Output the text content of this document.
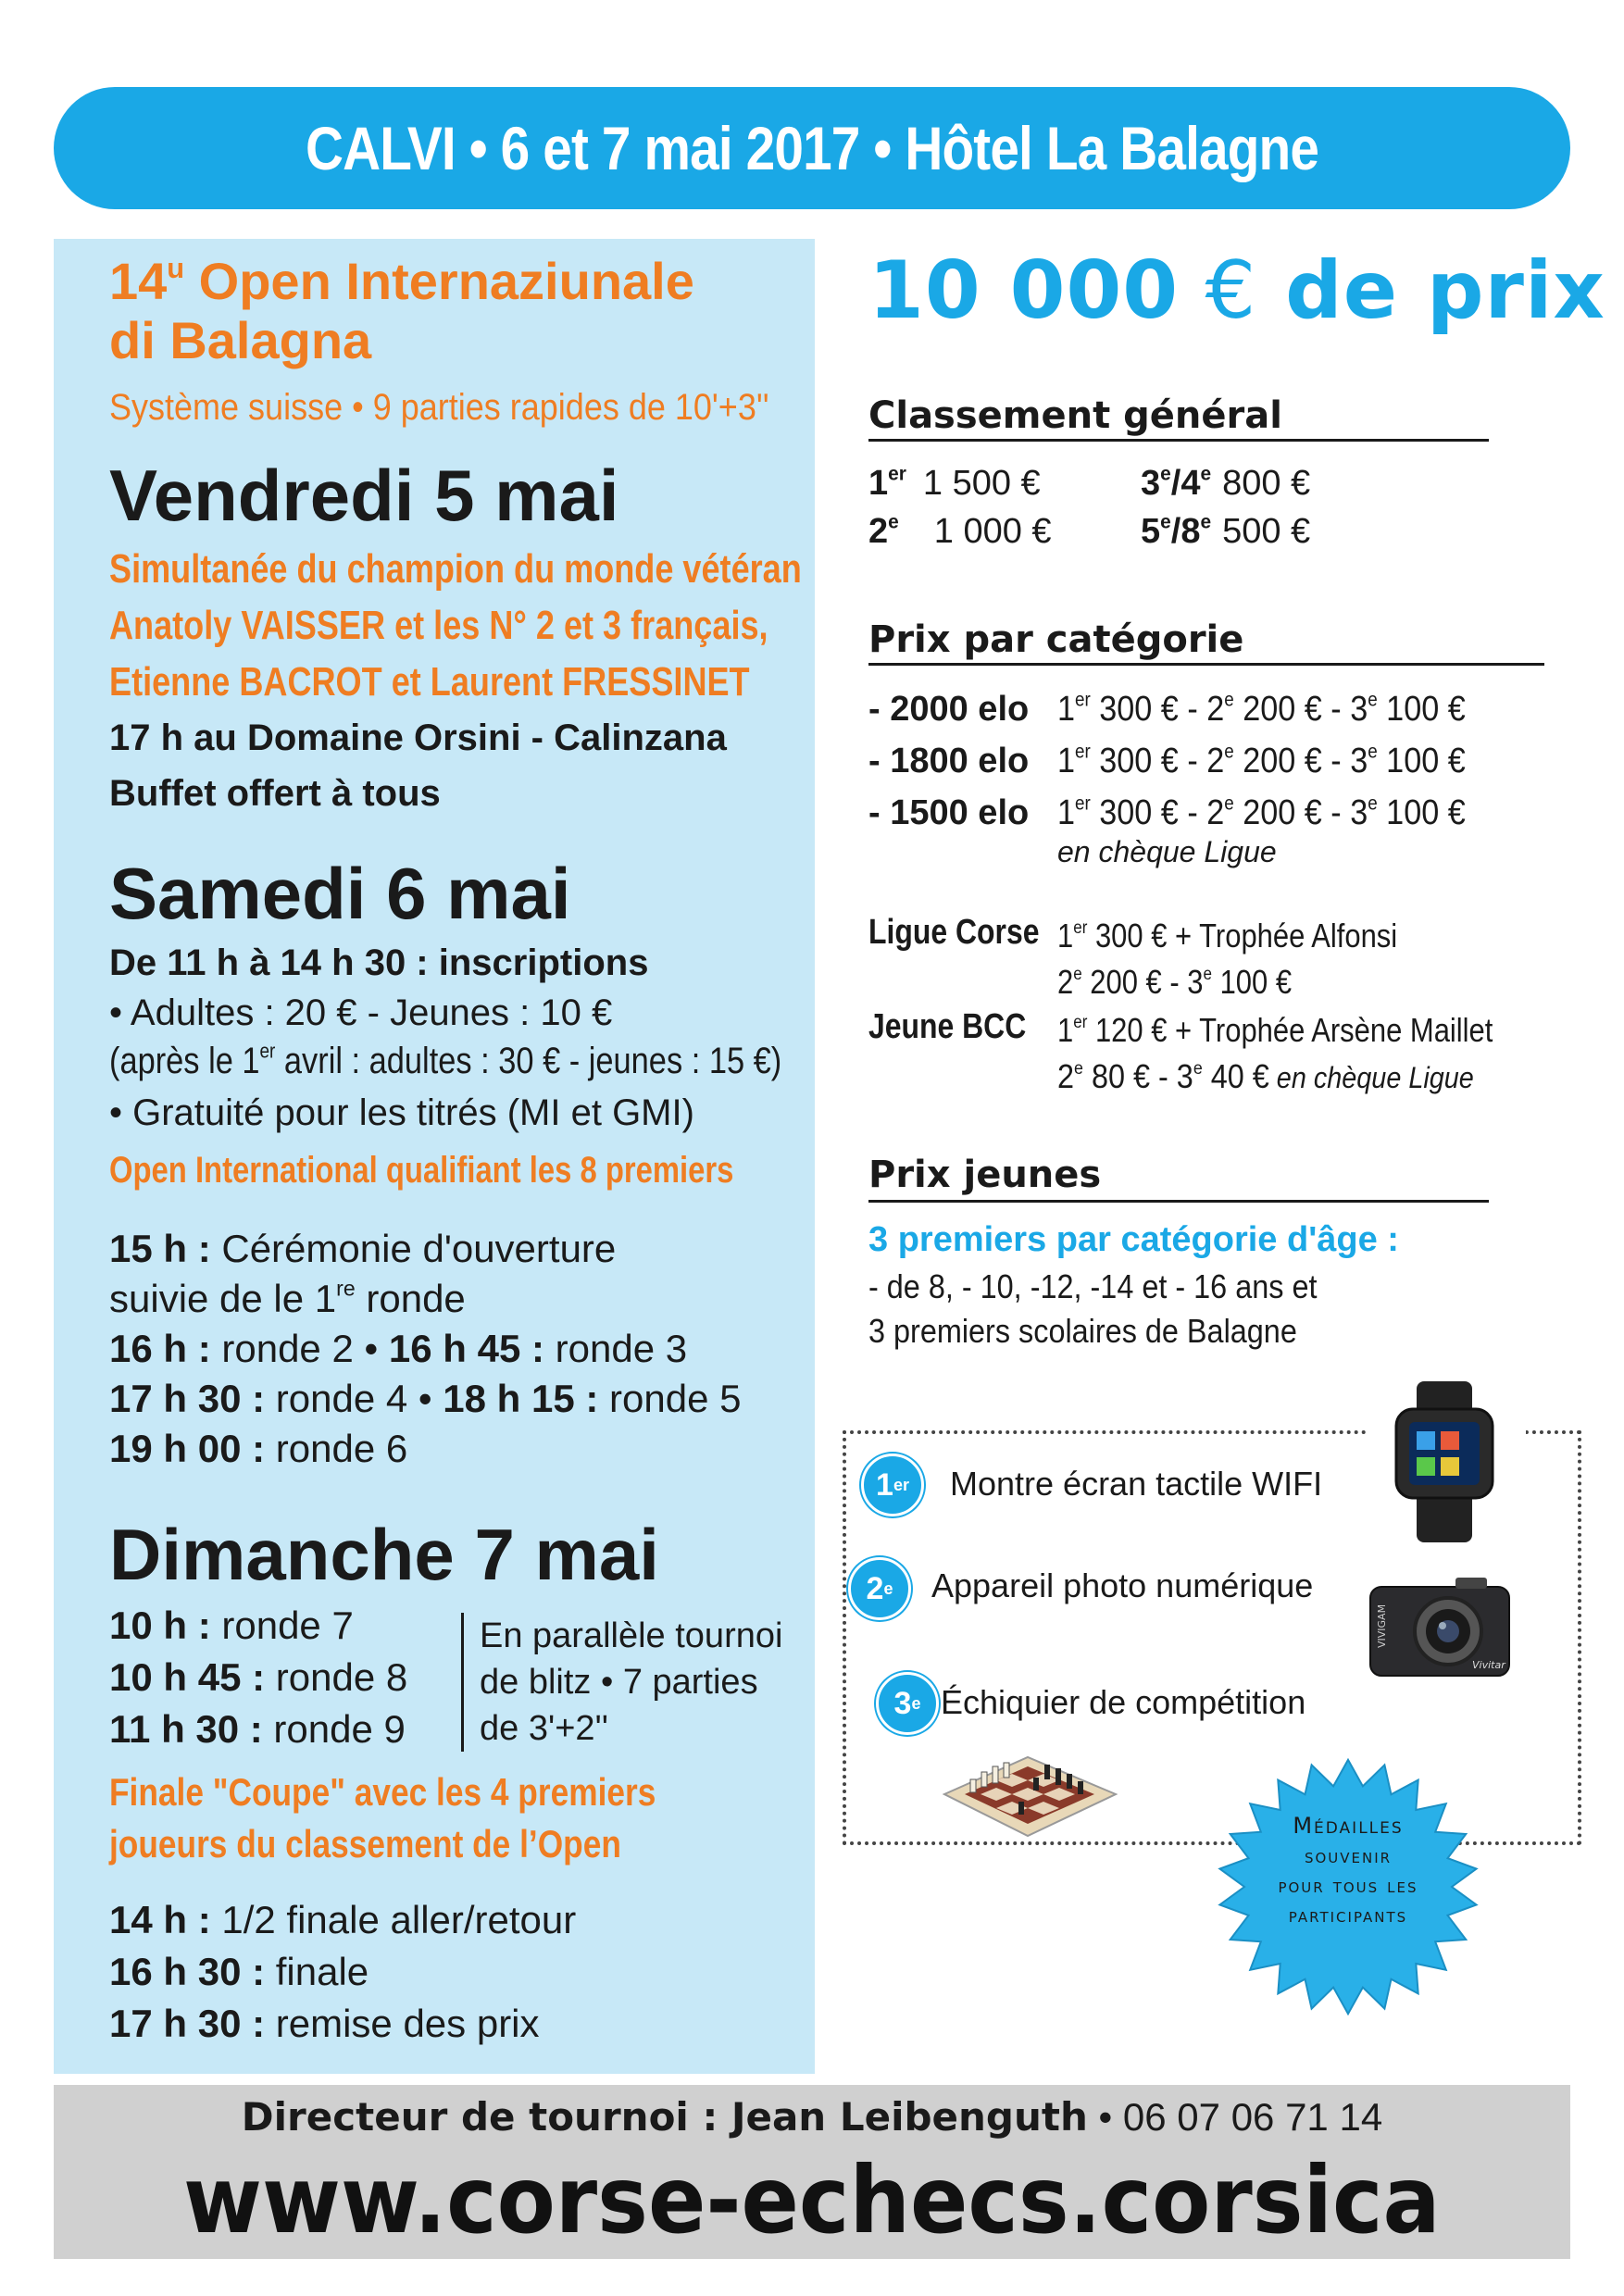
CALVI • 6 et 7 mai 2017 • Hôtel La Balagne
14$^u$ Open Internaziunale
di Balagna
Système suisse • 9 parties rapides de 10'+3''
Vendredi 5 mai
Simultanée du champion du monde vétéran
Anatoly VAISSER et les N° 2 et 3 français,
Etienne BACROT et Laurent FRESSINET
17 h au Domaine Orsini - Calinzana
Buffet offert à tous
Samedi 6 mai
De 11 h à 14 h 30 : inscriptions
• Adultes : 20 € - Jeunes : 10 €
(après le 1er avril : adultes : 30 € - jeunes : 15 €)
• Gratuité pour les titrés (MI et GMI)
Open International qualifiant les 8 premiers
15 h : Cérémonie d'ouverture
suivie de le 1re ronde
16 h : ronde 2 • 16 h 45 : ronde 3
17 h 30 : ronde 4 • 18 h 15 : ronde 5
19 h 00 : ronde 6
Dimanche 7 mai
10 h : ronde 7
10 h 45 : ronde 8
11 h 30 : ronde 9
En parallèle tournoi
de blitz • 7 parties
de 3'+2''
Finale "Coupe" avec les 4 premiers
joueurs du classement de l’Open
14 h : 1/2 finale aller/retour
16 h 30 : finale
17 h 30 : remise des prix
10 000 € de prix
Classement général
1er 1 500 €
2e 1 000 €
3e/4e 800 €
5e/8e 500 €
Prix par catégorie
- 2000 elo
- 1800 elo
- 1500 elo
1er 300 € - 2e 200 € - 3e 100 €
1er 300 € - 2e 200 € - 3e 100 €
1er 300 € - 2e 200 € - 3e 100 €
en chèque Ligue
Ligue Corse 1er 300 € + Trophée Alfonsi
2e 200 € - 3e 100 €
Jeune BCC 1er 120 € + Trophée Arsène Maillet
2e 80 € - 3e 40 € en chèque Ligue
Prix jeunes
3 premiers par catégorie d'âge :
- de 8, - 10, -12, -14 et - 16 ans et
3 premiers scolaires de Balagne
1 er Montre écran tactile WIFI
2 e Appareil photo numérique
3 e Échiquier de compétition
VIVIGAM
Vivitar
Médailles
souvenir
pour tous les
participants
Directeur de tournoi : Jean Leibenguth • 06 07 06 71 14
www.corse-echecs.corsica
